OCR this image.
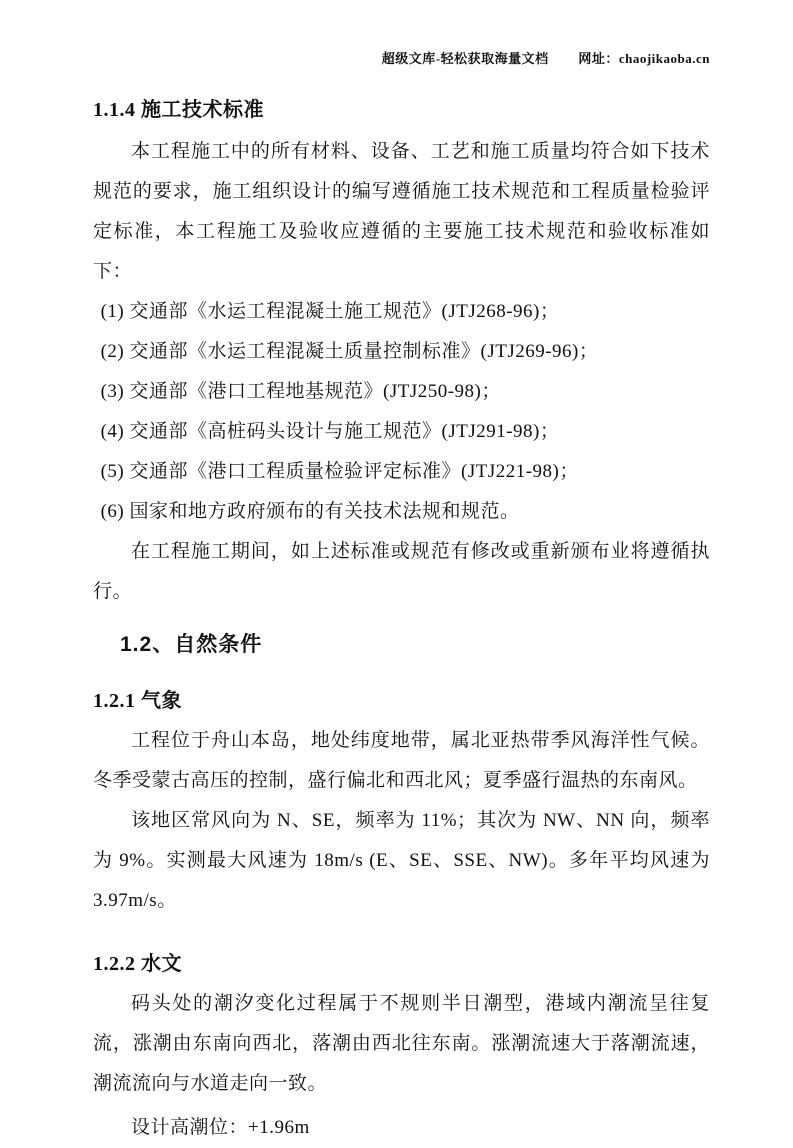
超级文库-轻松获取海量文档 网址：chaojikaoba.cn
1.1.4 施工技术标准

本工程施工中的所有材料、设备、工艺和施工质量均符合如下技术规范的要求，施工组织设计的编写遵循施工技术规范和工程质量检验评定标准，本工程施工及验收应遵循的主要施工技术规范和验收标准如下：

(1) 交通部《水运工程混凝土施工规范》(JTJ268-96)；

(2) 交通部《水运工程混凝土质量控制标准》(JTJ269-96)；

(3) 交通部《港口工程地基规范》(JTJ250-98)；

(4) 交通部《高桩码头设计与施工规范》(JTJ291-98)；

(5) 交通部《港口工程质量检验评定标准》(JTJ221-98)；

(6) 国家和地方政府颁布的有关技术法规和规范。

在工程施工期间，如上述标准或规范有修改或重新颁布业将遵循执行。

1.2、自然条件
1.2.1 气象

工程位于舟山本岛，地处纬度地带，属北亚热带季风海洋性气候。冬季受蒙古高压的控制，盛行偏北和西北风；夏季盛行温热的东南风。

该地区常风向为 N、SE，频率为 11%；其次为 NW、NN 向，频率为 9%。实测最大风速为 18m/s (E、SE、SSE、NW)。多年平均风速为 3.97m/s。

1.2.2 水文

码头处的潮汐变化过程属于不规则半日潮型，港域内潮流呈往复流，涨潮由东南向西北，落潮由西北往东南。涨潮流速大于落潮流速，潮流流向与水道走向一致。

设计高潮位：+1.96m
